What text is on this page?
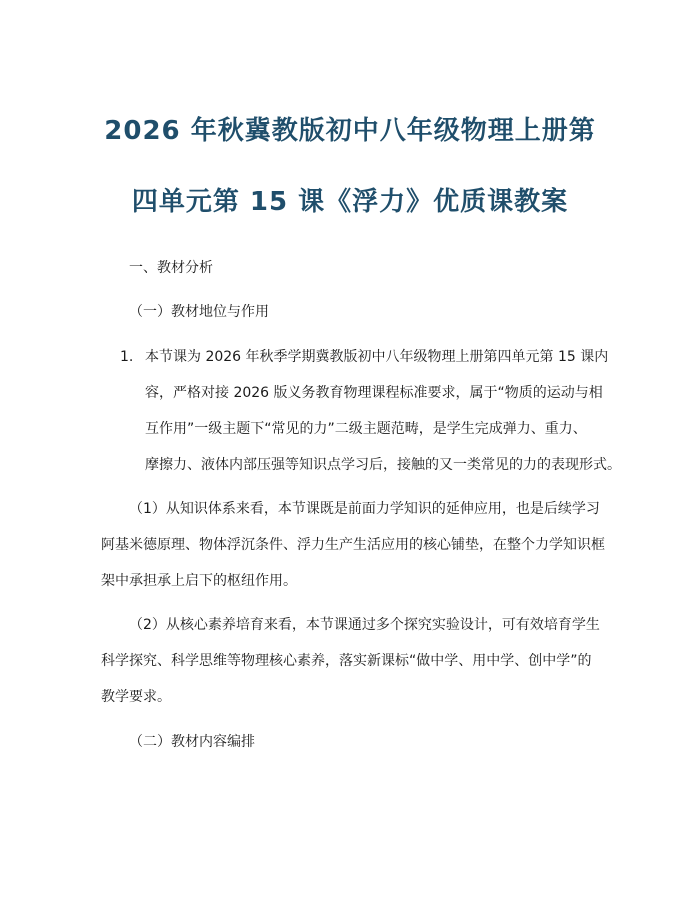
2026 年秋冀教版初中八年级物理上册第
四单元第 15 课《浮力》优质课教案
一、教材分析
（一）教材地位与作用
1. 本节课为 2026 年秋季学期冀教版初中八年级物理上册第四单元第 15 课内
容，严格对接 2026 版义务教育物理课程标准要求，属于“物质的运动与相
互作用”一级主题下“常见的力”二级主题范畴，是学生完成弹力、重力、
摩擦力、液体内部压强等知识点学习后，接触的又一类常见的力的表现形式。
（1）从知识体系来看，本节课既是前面力学知识的延伸应用，也是后续学习
阿基米德原理、物体浮沉条件、浮力生产生活应用的核心铺垫，在整个力学知识框
架中承担承上启下的枢纽作用。
（2）从核心素养培育来看，本节课通过多个探究实验设计，可有效培育学生
科学探究、科学思维等物理核心素养，落实新课标“做中学、用中学、创中学”的
教学要求。
（二）教材内容编排
